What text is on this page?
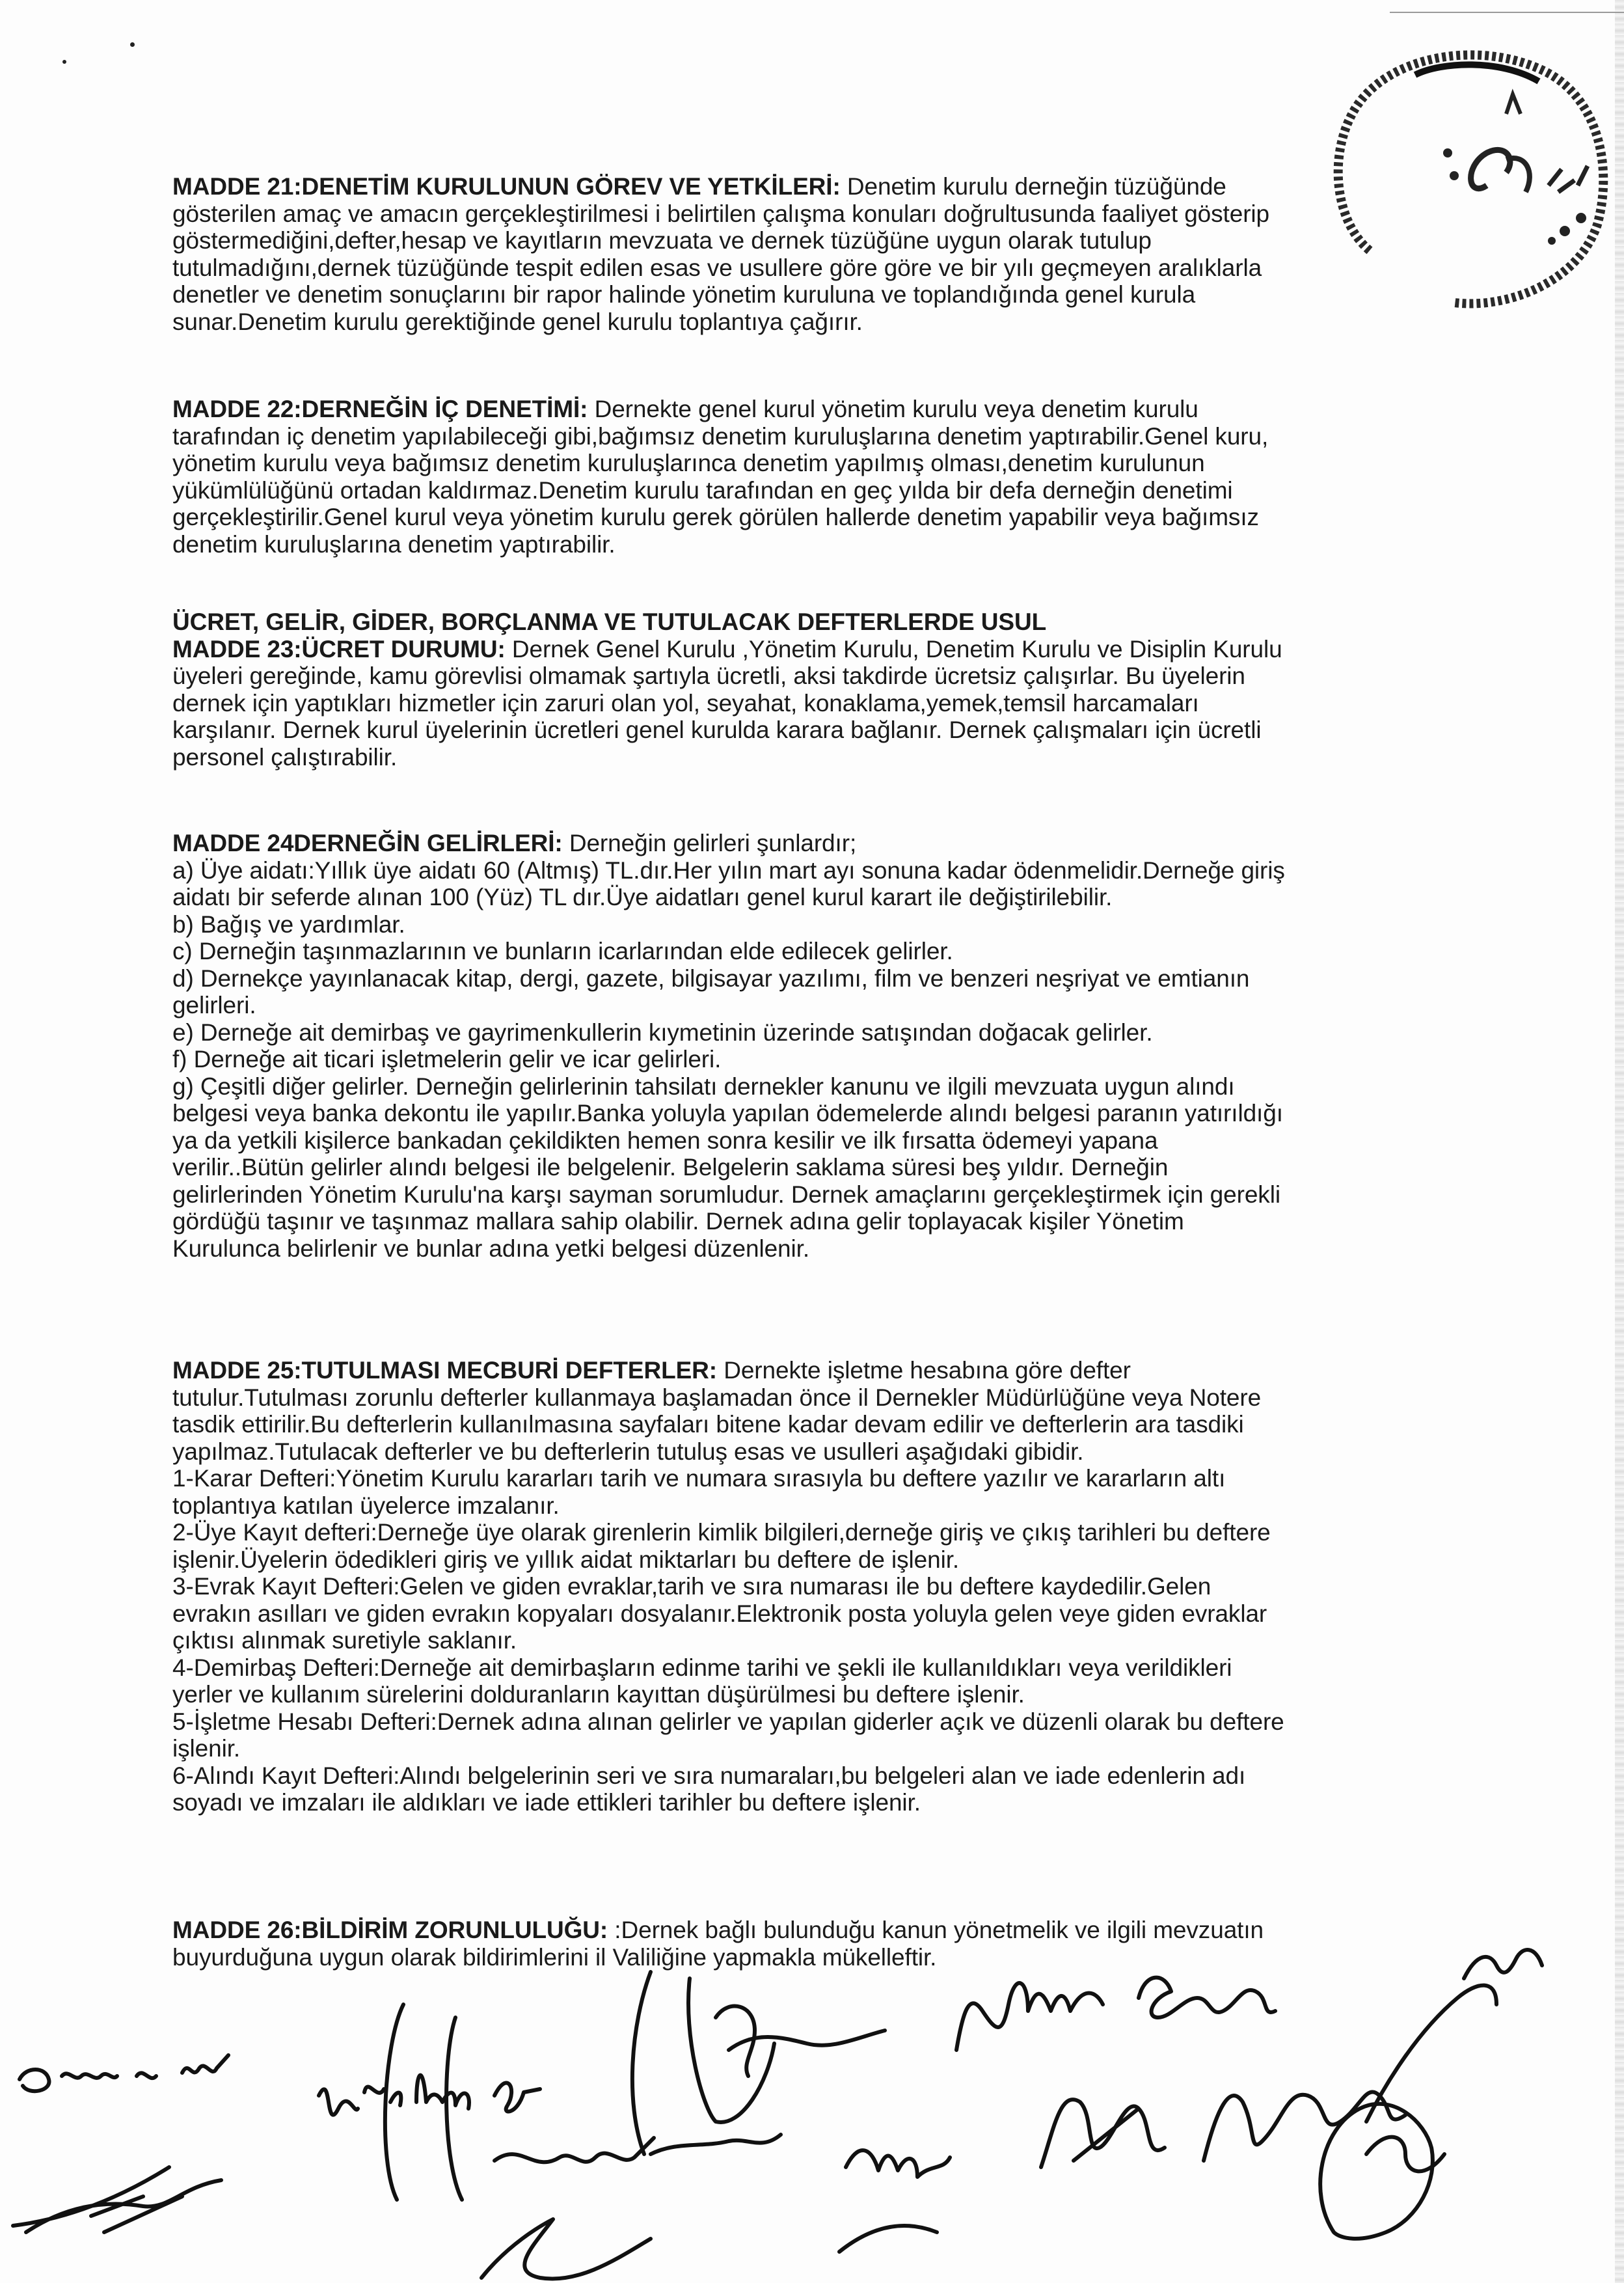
MADDE 21:DENETİM KURULUNUN GÖREV VE YETKİLERİ: Denetim kurulu derneğin tüzüğünde

gösterilen amaç ve amacın gerçekleştirilmesi i belirtilen çalışma konuları doğrultusunda faaliyet gösterip

göstermediğini,defter,hesap ve kayıtların mevzuata ve dernek tüzüğüne uygun olarak tutulup

tutulmadığını,dernek tüzüğünde tespit edilen esas ve usullere göre göre ve bir yılı geçmeyen aralıklarla

denetler ve denetim sonuçlarını bir rapor halinde yönetim kuruluna ve toplandığında genel kurula

sunar.Denetim kurulu gerektiğinde genel kurulu toplantıya çağırır.

MADDE 22:DERNEĞİN İÇ DENETİMİ: Dernekte genel kurul yönetim kurulu veya denetim kurulu

tarafından iç denetim yapılabileceği gibi,bağımsız denetim kuruluşlarına denetim yaptırabilir.Genel kuru,

yönetim kurulu veya bağımsız denetim kuruluşlarınca denetim yapılmış olması,denetim kurulunun

yükümlülüğünü ortadan kaldırmaz.Denetim kurulu tarafından en geç yılda bir defa derneğin denetimi

gerçekleştirilir.Genel kurul veya yönetim kurulu gerek görülen hallerde denetim yapabilir veya bağımsız

denetim kuruluşlarına denetim yaptırabilir.

ÜCRET, GELİR, GİDER, BORÇLANMA VE TUTULACAK DEFTERLERDE USUL

MADDE 23:ÜCRET DURUMU: Dernek Genel Kurulu ,Yönetim Kurulu, Denetim Kurulu ve Disiplin Kurulu

üyeleri gereğinde, kamu görevlisi olmamak şartıyla ücretli, aksi takdirde ücretsiz çalışırlar. Bu üyelerin

dernek için yaptıkları hizmetler için zaruri olan yol, seyahat, konaklama,yemek,temsil harcamaları

karşılanır. Dernek kurul üyelerinin ücretleri genel kurulda karara bağlanır. Dernek çalışmaları için ücretli

personel çalıştırabilir.

MADDE 24DERNEĞİN GELİRLERİ: Derneğin gelirleri şunlardır;

a) Üye aidatı:Yıllık üye aidatı 60 (Altmış) TL.dır.Her yılın mart ayı sonuna kadar ödenmelidir.Derneğe giriş

aidatı bir seferde alınan 100 (Yüz) TL dır.Üye aidatları genel kurul karart ile değiştirilebilir.

b) Bağış ve yardımlar.

c) Derneğin taşınmazlarının ve bunların icarlarından elde edilecek gelirler.

d) Dernekçe yayınlanacak kitap, dergi, gazete, bilgisayar yazılımı, film ve benzeri neşriyat ve emtianın

gelirleri.

e) Derneğe ait demirbaş ve gayrimenkullerin kıymetinin üzerinde satışından doğacak gelirler.

f) Derneğe ait ticari işletmelerin gelir ve icar gelirleri.

g) Çeşitli diğer gelirler. Derneğin gelirlerinin tahsilatı dernekler kanunu ve ilgili mevzuata uygun alındı

belgesi veya banka dekontu ile yapılır.Banka yoluyla yapılan ödemelerde alındı belgesi paranın yatırıldığı

ya da yetkili kişilerce bankadan çekildikten hemen sonra kesilir ve ilk fırsatta ödemeyi yapana

verilir..Bütün gelirler alındı belgesi ile belgelenir. Belgelerin saklama süresi beş yıldır. Derneğin

gelirlerinden Yönetim Kurulu'na karşı sayman sorumludur. Dernek amaçlarını gerçekleştirmek için gerekli

gördüğü taşınır ve taşınmaz mallara sahip olabilir. Dernek adına gelir toplayacak kişiler Yönetim

Kurulunca belirlenir ve bunlar adına yetki belgesi düzenlenir.

MADDE 25:TUTULMASI MECBURİ DEFTERLER: Dernekte işletme hesabına göre defter

tutulur.Tutulması zorunlu defterler kullanmaya başlamadan önce il Dernekler Müdürlüğüne veya Notere

tasdik ettirilir.Bu defterlerin kullanılmasına sayfaları bitene kadar devam edilir ve defterlerin ara tasdiki

yapılmaz.Tutulacak defterler ve bu defterlerin tutuluş esas ve usulleri aşağıdaki gibidir.

1-Karar Defteri:Yönetim Kurulu kararları tarih ve numara sırasıyla bu deftere yazılır ve kararların altı

toplantıya katılan üyelerce imzalanır.

2-Üye Kayıt defteri:Derneğe üye olarak girenlerin kimlik bilgileri,derneğe giriş ve çıkış tarihleri bu deftere

işlenir.Üyelerin ödedikleri giriş ve yıllık aidat miktarları bu deftere de işlenir.

3-Evrak Kayıt Defteri:Gelen ve giden evraklar,tarih ve sıra numarası ile bu deftere kaydedilir.Gelen

evrakın asılları ve giden evrakın kopyaları dosyalanır.Elektronik posta yoluyla gelen veye giden evraklar

çıktısı alınmak suretiyle saklanır.

4-Demirbaş Defteri:Derneğe ait demirbaşların edinme tarihi ve şekli ile kullanıldıkları veya verildikleri

yerler ve kullanım sürelerini dolduranların kayıttan düşürülmesi bu deftere işlenir.

5-İşletme Hesabı Defteri:Dernek adına alınan gelirler ve yapılan giderler açık ve düzenli olarak bu deftere

işlenir.

6-Alındı Kayıt Defteri:Alındı belgelerinin seri ve sıra numaraları,bu belgeleri alan ve iade edenlerin adı

soyadı ve imzaları ile aldıkları ve iade ettikleri tarihler bu deftere işlenir.

MADDE 26:BİLDİRİM ZORUNLULUĞU: :Dernek bağlı bulunduğu kanun yönetmelik ve ilgili mevzuatın

buyurduğuna uygun olarak bildirimlerini il Valiliğine yapmakla mükelleftir.
